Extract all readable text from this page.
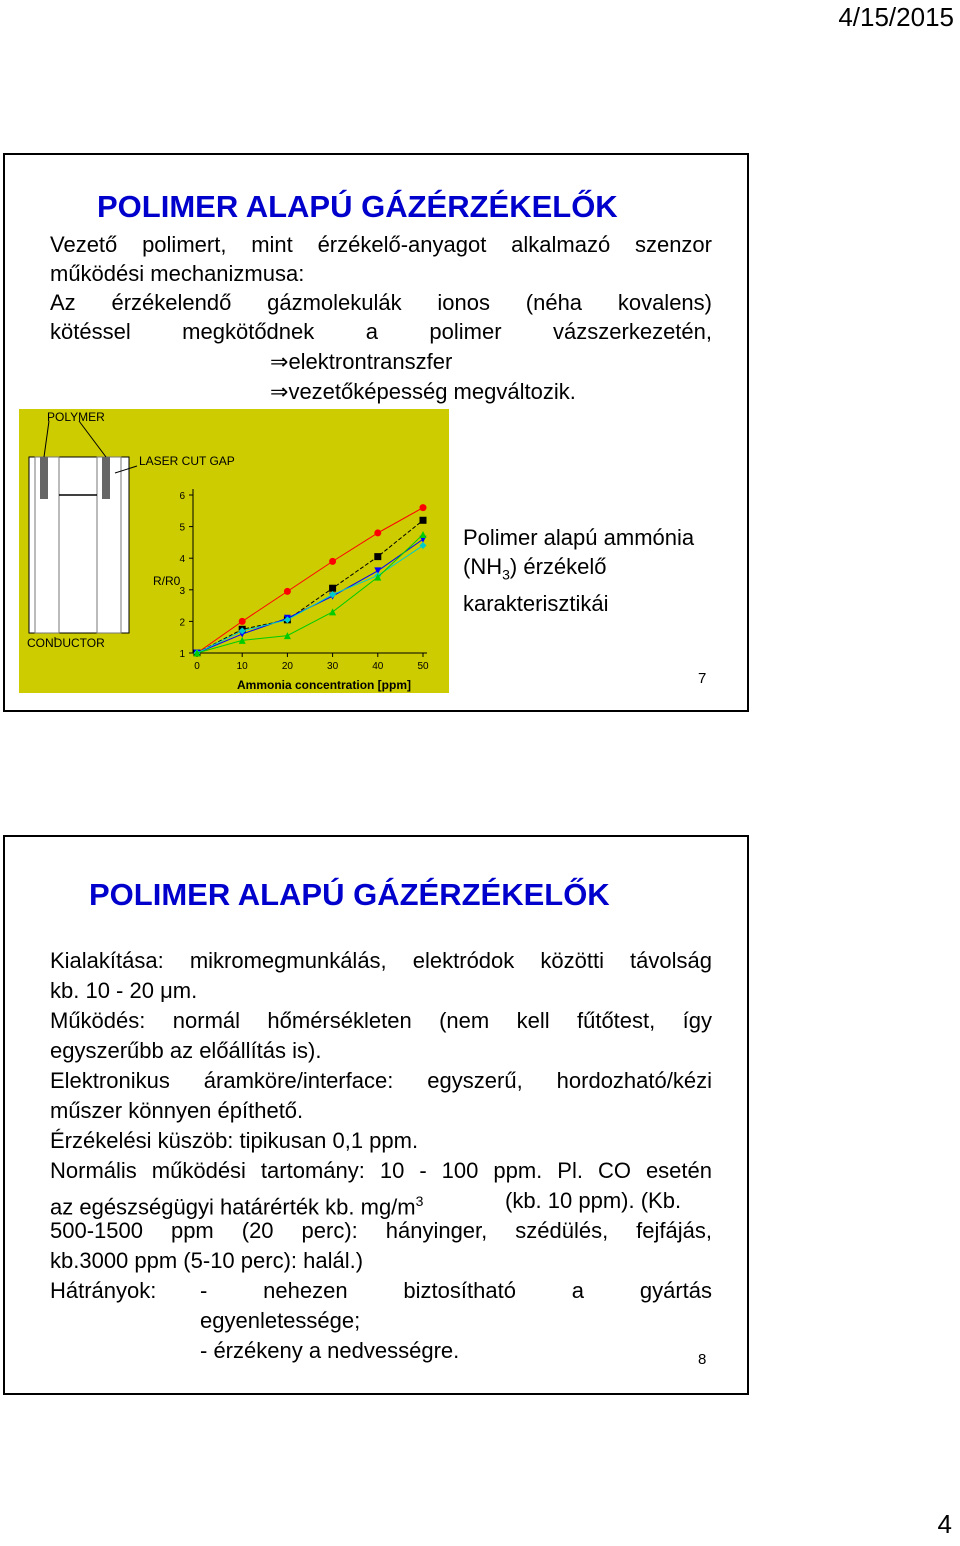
4/15/2015
POLIMER ALAPÚ GÁZÉRZÉKELŐK
Vezető polimert, mint érzékelő-anyagot alkalmazó szenzor
működési mechanizmusa:
Az érzékelendő gázmolekulák ionos (néha kovalens)
kötéssel megkötődnek a polimer vázszerkezetén,
⇒elektrontranszfer
⇒vezetőképesség megváltozik.
POLYMER
LASER CUT GAP
CONDUCTOR
R/R0
Ammonia concentration [ppm]
0	10	20	30	40	50
1
2
3
4
5
6
Polimer alapú ammónia
$(NH_3)$ érzékelő
karakterisztikái
7
POLIMER ALAPÚ GÁZÉRZÉKELŐK
Kialakítása: mikromegmunkálás, elektródok közötti távolság
kb. 10 - 20 μm.
Működés: normál hőmérsékleten (nem kell fűtőtest, így
egyszerűbb az előállítás is).
Elektronikus áramköre/interface: egyszerű, hordozható/kézi
műszer könnyen építhető.
Érzékelési küszöb: tipikusan 0,1 ppm.
Normális működési tartomány: 10 - 100 ppm. Pl. CO esetén
az egészségügyi határérték kb. $mg/m^3$	(kb. 10 ppm). (Kb.
500-1500 ppm (20 perc): hányinger, szédülés, fejfájás,
kb.3000 ppm (5-10 perc): halál.)
Hátrányok: - nehezen biztosítható a gyártás
egyenletessége;
- érzékeny a nedvességre.	8
4
